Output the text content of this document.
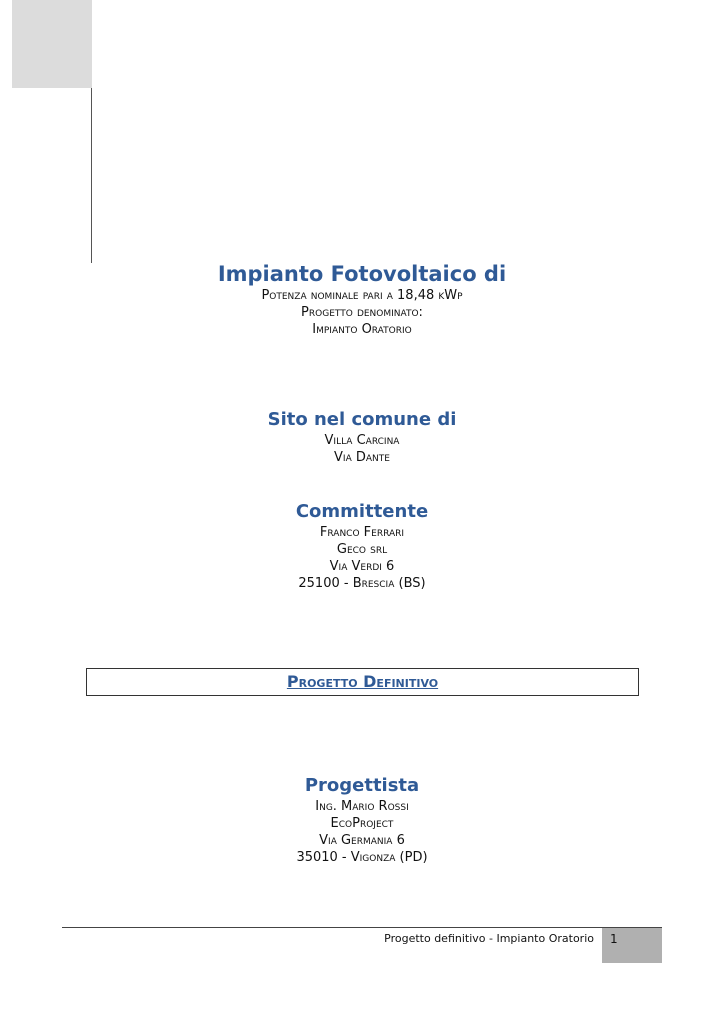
Impianto Fotovoltaico di
Potenza nominale pari a 18,48 kWp
Progetto denominato:
Impianto Oratorio
Sito nel comune di
Villa Carcina
Via Dante
Committente
Franco Ferrari
Geco srl
Via Verdi 6
25100 - Brescia (BS)
Progetto Definitivo
Progettista
Ing. Mario Rossi
EcoProject
Via Germania 6
35010 - Vigonza (PD)
Progetto definitivo - Impianto Oratorio 1
